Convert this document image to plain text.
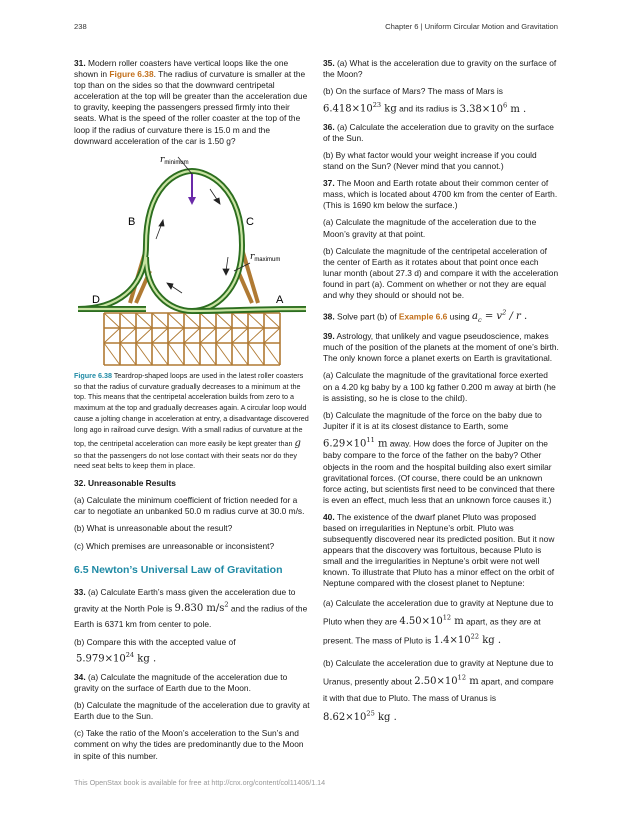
238	Chapter 6 | Uniform Circular Motion and Gravitation

31. Modern roller coasters have vertical loops like the one shown in Figure 6.38. The radius of curvature is smaller at the top than on the sides so that the downward centripetal acceleration at the top will be greater than the acceleration due to gravity, keeping the passengers pressed firmly into their seats. What is the speed of the roller coaster at the top of the loop if the radius of curvature there is 15.0 m and the downward acceleration of the car is 1.50 g?

$r_{minimum}$
$r_{maximum}$
B	C
D	A

Figure 6.38 Teardrop-shaped loops are used in the latest roller coasters so that the radius of curvature gradually decreases to a minimum at the top. This means that the centripetal acceleration builds from zero to a maximum at the top and gradually decreases again. A circular loop would cause a jolting change in acceleration at entry, a disadvantage discovered long ago in railroad curve design. With a small radius of curvature at the top, the centripetal acceleration can more easily be kept greater than g so that the passengers do not lose contact with their seats nor do they need seat belts to keep them in place.

32. Unreasonable Results

(a) Calculate the minimum coefficient of friction needed for a car to negotiate an unbanked 50.0 m radius curve at 30.0 m/s.

(b) What is unreasonable about the result?

(c) Which premises are unreasonable or inconsistent?

6.5 Newton’s Universal Law of Gravitation

33. (a) Calculate Earth’s mass given the acceleration due to gravity at the North Pole is 9.830 $m/s^2$ and the radius of the Earth is 6371 km from center to pole.

(b) Compare this with the accepted value of
$5.979\times 10^{24}$ kg .

34. (a) Calculate the magnitude of the acceleration due to gravity on the surface of Earth due to the Moon.

(b) Calculate the magnitude of the acceleration due to gravity at Earth due to the Sun.

(c) Take the ratio of the Moon’s acceleration to the Sun’s and comment on why the tides are predominantly due to the Moon in spite of this number.

35. (a) What is the acceleration due to gravity on the surface of the Moon?

(b) On the surface of Mars? The mass of Mars is
$6.418\times 10^{23}$ kg and its radius is $3.38\times 10^6$ m .

36. (a) Calculate the acceleration due to gravity on the surface of the Sun.

(b) By what factor would your weight increase if you could stand on the Sun? (Never mind that you cannot.)

37. The Moon and Earth rotate about their common center of mass, which is located about 4700 km from the center of Earth. (This is 1690 km below the surface.)

(a) Calculate the magnitude of the acceleration due to the Moon’s gravity at that point.

(b) Calculate the magnitude of the centripetal acceleration of the center of Earth as it rotates about that point once each lunar month (about 27.3 d) and compare it with the acceleration found in part (a). Comment on whether or not they are equal and why they should or should not be.

38. Solve part (b) of Example 6.6 using $a_c = v^2 / r$ .

39. Astrology, that unlikely and vague pseudoscience, makes much of the position of the planets at the moment of one’s birth. The only known force a planet exerts on Earth is gravitational.

(a) Calculate the magnitude of the gravitational force exerted on a 4.20 kg baby by a 100 kg father 0.200 m away at birth (he is assisting, so he is close to the child).

(b) Calculate the magnitude of the force on the baby due to Jupiter if it is at its closest distance to Earth, some
$6.29\times 10^{11}$ m away. How does the force of Jupiter on the baby compare to the force of the father on the baby? Other objects in the room and the hospital building also exert similar gravitational forces. (Of course, there could be an unknown force acting, but scientists first need to be convinced that there is even an effect, much less that an unknown force causes it.)

40. The existence of the dwarf planet Pluto was proposed based on irregularities in Neptune’s orbit. Pluto was subsequently discovered near its predicted position. But it now appears that the discovery was fortuitous, because Pluto is small and the irregularities in Neptune’s orbit were not well known. To illustrate that Pluto has a minor effect on the orbit of Neptune compared with the closest planet to Neptune:

(a) Calculate the acceleration due to gravity at Neptune due to Pluto when they are $4.50\times 10^{12}$ m apart, as they are at present. The mass of Pluto is $1.4\times 10^{22}$ kg .

(b) Calculate the acceleration due to gravity at Neptune due to Uranus, presently about $2.50\times 10^{12}$ m apart, and compare it with that due to Pluto. The mass of Uranus is
$8.62\times 10^{25}$ kg .

This OpenStax book is available for free at http://cnx.org/content/col11406/1.14
